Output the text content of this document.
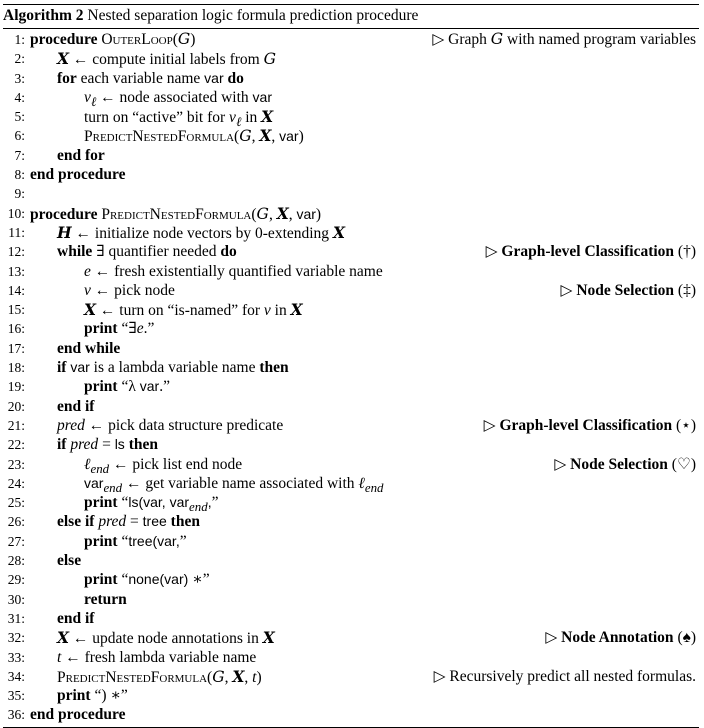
Algorithm 2 Nested separation logic formula prediction procedure
1: procedure OuterLoop(G)	▷ Graph G with named program variables
2: X ← compute initial labels from G
3: for each variable name var do
4:	$v_\ell$ ← node associated with var
5:	turn on “active” bit for $v_\ell$ in X
6:	PredictNestedFormula(G, X, var)
7: end for
8: end procedure
9:
10: procedure PredictNestedFormula(G, X, var)
11: H ← initialize node vectors by 0-extending X
12: while ∃ quantifier needed do	▷ Graph-level Classification (†)
13:	e ← fresh existentially quantified variable name
14:	v ← pick node	▷ Node Selection (‡)
15:	X ← turn on “is-named” for v in X
16:	print “∃e.”
17: end while
18: if var is a lambda variable name then
19:	print “λ var.”
20: end if
21: pred ← pick data structure predicate	▷ Graph-level Classification (⋆)
22: if pred = ls then
23:	ℓ$_{end}$ ← pick list end node	▷ Node Selection (♡)
24:	var$_{end}$ ← get variable name associated with ℓ$_{end}$
25:	print “ls(var, var$_{end}$,”
26: else if pred = tree then
27:	print “tree(var,”
28: else
29:	print “none(var) ∗”
30:	return
31: end if
32: X ← update node annotations in X	▷ Node Annotation (♠)
33: t ← fresh lambda variable name
34: PredictNestedFormula(G, X, t)	▷ Recursively predict all nested formulas.
35: print “) ∗”
36: end procedure
